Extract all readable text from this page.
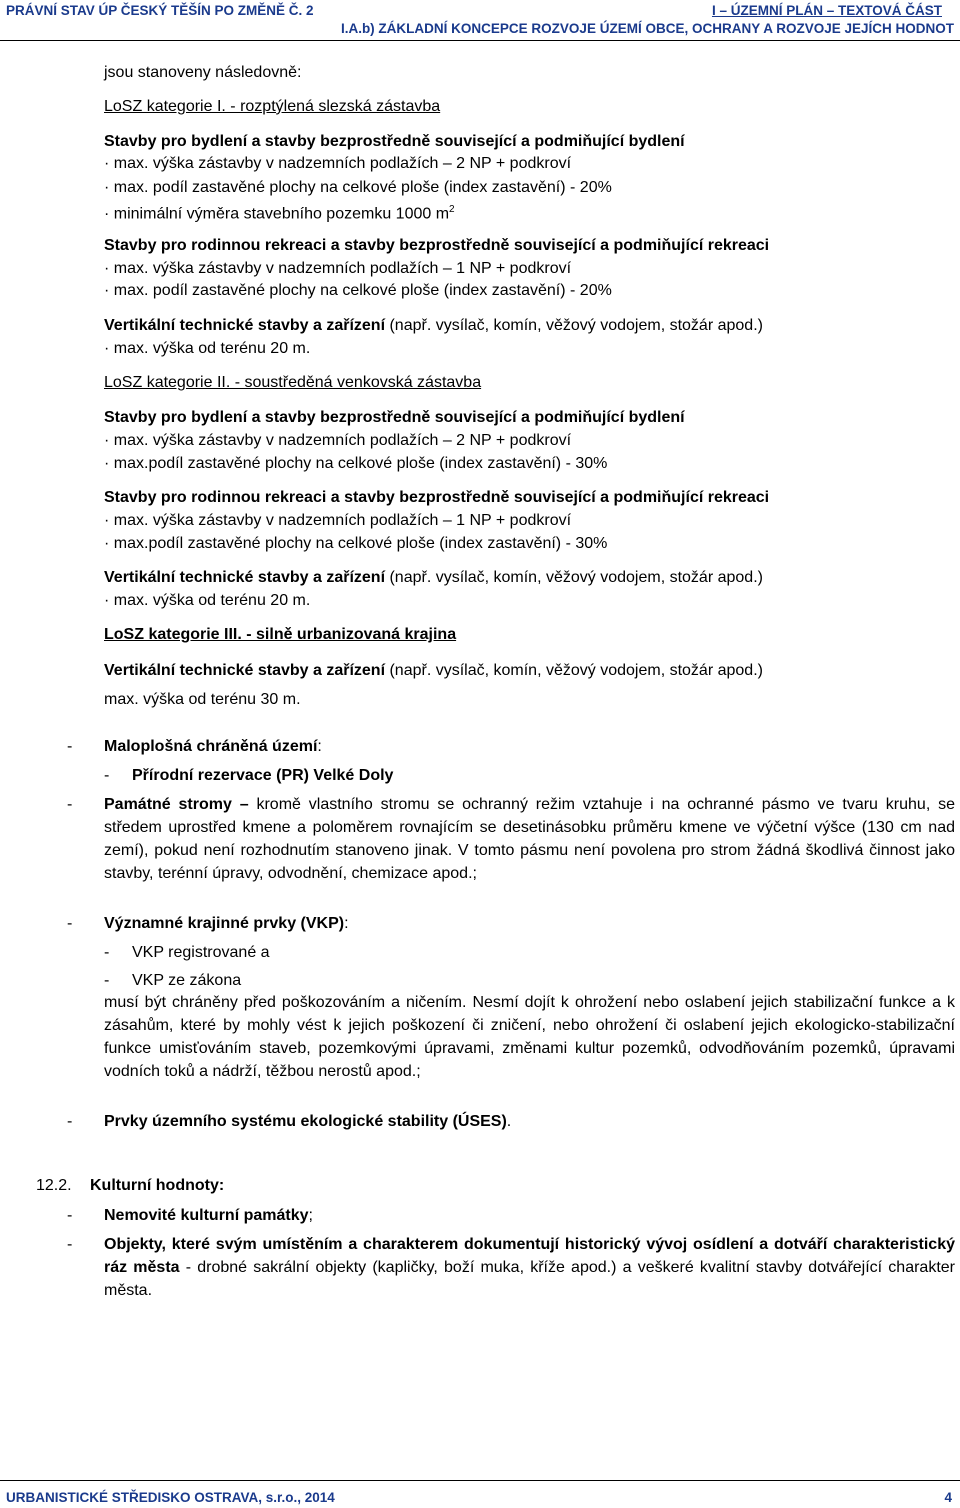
PRÁVNÍ STAV ÚP ČESKÝ TĚŠÍN PO ZMĚNĚ Č. 2	I – ÚZEMNÍ PLÁN – TEXTOVÁ ČÁST
I.A.b) ZÁKLADNÍ KONCEPCE ROZVOJE ÚZEMÍ OBCE, OCHRANY A ROZVOJE JEJÍCH HODNOT
jsou stanoveny následovně:
LoSZ kategorie I. - rozptýlená slezská zástavba
Stavby pro bydlení a stavby bezprostředně související a podmiňující bydlení
· max. výška zástavby v nadzemních podlažích – 2 NP + podkroví
· max. podíl zastavěné plochy na celkové ploše (index zastavění) - 20%
· minimální výměra stavebního pozemku 1000 $m^2$
Stavby pro rodinnou rekreaci a stavby bezprostředně související a podmiňující rekreaci
· max. výška zástavby v nadzemních podlažích – 1 NP + podkroví
· max. podíl zastavěné plochy na celkové ploše (index zastavění) - 20%
Vertikální technické stavby a zařízení (např. vysílač, komín, věžový vodojem, stožár apod.)
· max. výška od terénu 20 m.
LoSZ kategorie II. - soustředěná venkovská zástavba
Stavby pro bydlení a stavby bezprostředně související a podmiňující bydlení
· max. výška zástavby v nadzemních podlažích – 2 NP + podkroví
· max.podíl zastavěné plochy na celkové ploše (index zastavění) - 30%
Stavby pro rodinnou rekreaci a stavby bezprostředně související a podmiňující rekreaci
· max. výška zástavby v nadzemních podlažích – 1 NP + podkroví
· max.podíl zastavěné plochy na celkové ploše (index zastavění) - 30%
Vertikální technické stavby a zařízení (např. vysílač, komín, věžový vodojem, stožár apod.)
· max. výška od terénu 20 m.
LoSZ kategorie III. - silně urbanizovaná krajina
Vertikální technické stavby a zařízení (např. vysílač, komín, věžový vodojem, stožár apod.)
max. výška od terénu 30 m.
- Maloplošná chráněná území:
- Přírodní rezervace (PR) Velké Doly
- Památné stromy – kromě vlastního stromu se ochranný režim vztahuje i na ochranné pásmo ve tvaru kruhu, se středem uprostřed kmene a poloměrem rovnajícím se desetinásobku průměru kmene ve výčetní výšce (130 cm nad zemí), pokud není rozhodnutím stanoveno jinak. V tomto pásmu není povolena pro strom žádná škodlivá činnost jako stavby, terénní úpravy, odvodnění, chemizace apod.;
- Významné krajinné prvky (VKP):
- VKP registrované a
- VKP ze zákona
musí být chráněny před poškozováním a ničením. Nesmí dojít k ohrožení nebo oslabení jejich stabilizační funkce a k zásahům, které by mohly vést k jejich poškození či zničení, nebo ohrožení či oslabení jejich ekologicko-stabilizační funkce umisťováním staveb, pozemkovými úpravami, změnami kultur pozemků, odvodňováním pozemků, úpravami vodních toků a nádrží, těžbou nerostů apod.;
- Prvky územního systému ekologické stability (ÚSES).
12.2. Kulturní hodnoty:
- Nemovité kulturní památky;
- Objekty, které svým umístěním a charakterem dokumentují historický vývoj osídlení a dotváří charakteristický ráz města - drobné sakrální objekty (kapličky, boží muka, kříže apod.) a veškeré kvalitní stavby dotvářející charakter města.
URBANISTICKÉ STŘEDISKO OSTRAVA, s.r.o., 2014	4
